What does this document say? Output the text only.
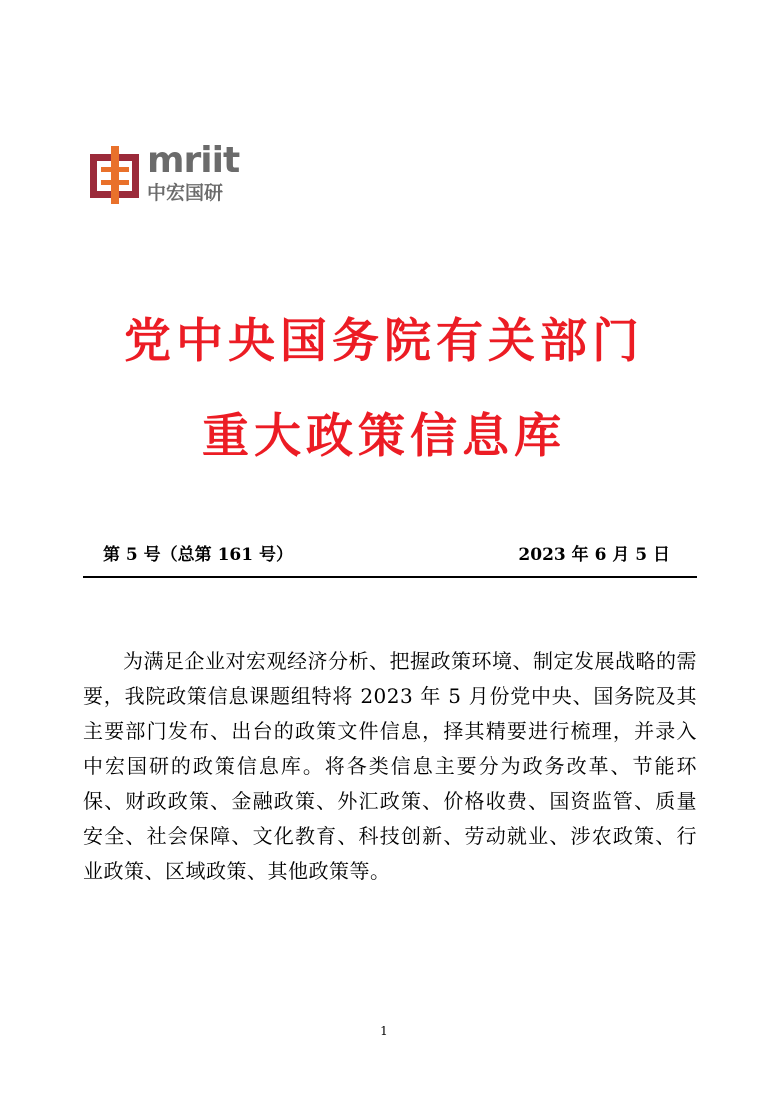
mriit
中宏国研
党中央国务院有关部门
重大政策信息库
第 5 号（总第 161 号）	2023 年 6 月 5 日
为满足企业对宏观经济分析、把握政策环境、制定发展战略的需要，我院政策信息课题组特将 2023 年 5 月份党中央、国务院及其主要部门发布、出台的政策文件信息，择其精要进行梳理，并录入中宏国研的政策信息库。将各类信息主要分为政务改革、节能环保、财政政策、金融政策、外汇政策、价格收费、国资监管、质量安全、社会保障、文化教育、科技创新、劳动就业、涉农政策、行业政策、区域政策、其他政策等。
1
